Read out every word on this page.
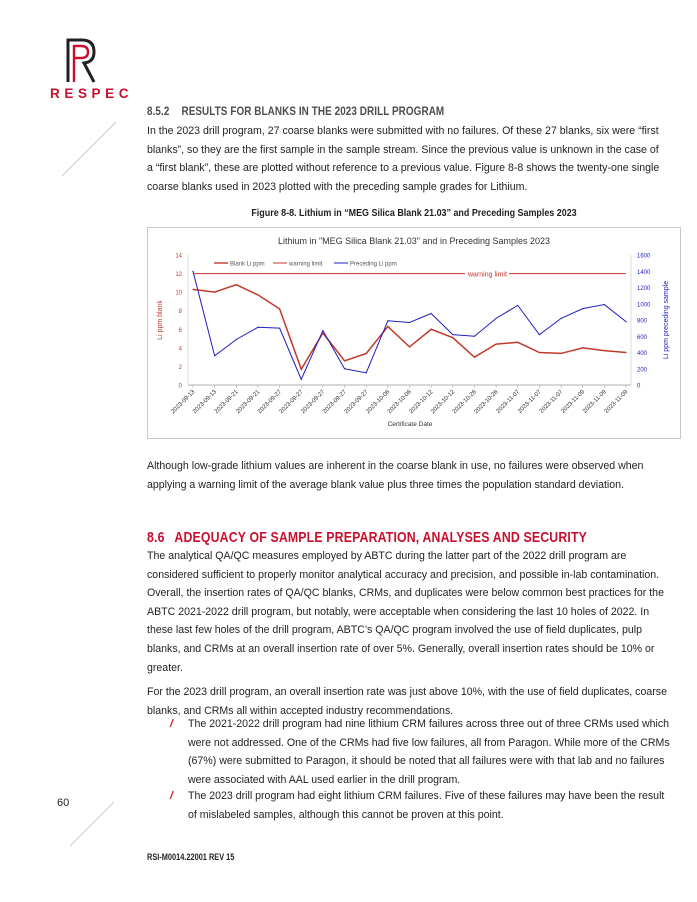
RESPEC
8.5.2 RESULTS FOR BLANKS IN THE 2023 DRILL PROGRAM

In the 2023 drill program, 27 coarse blanks were submitted with no failures. Of these 27 blanks, six were “first blanks”, so they are the first sample in the sample stream. Since the previous value is unknown in the case of a “first blank”, these are plotted without reference to a previous value. Figure 8-8 shows the twenty-one single coarse blanks used in 2023 plotted with the preceding sample grades for Lithium.

Figure 8-8. Lithium in “MEG Silica Blank 21.03” and Preceding Samples 2023
Lithium in "MEG Silica Blank 21.03" and in Preceding Samples 2023
Li ppm blank	Li ppm preceding sample
Certificate Date
0
2
4
6
8
10
12
14
0
200
400
600
800
1000
1200
1400
1600
2023-09-13
2023-09-13
2023-09-21
2023-09-21
2023-09-27
2023-09-27
2023-09-27
2023-09-27
2023-09-27
2023-10-06
2023-10-06
2023-10-12
2023-10-12
2023-10-26
2023-10-26
2023-11-07
2023-11-07
2023-11-07
2023-11-09
2023-11-09
2023-11-09
Blank Li ppm	warning limit	Preceding Li ppm
warning limit

Although low-grade lithium values are inherent in the coarse blank in use, no failures were observed when applying a warning limit of the average blank value plus three times the population standard deviation.

8.6 ADEQUACY OF SAMPLE PREPARATION, ANALYSES AND SECURITY

The analytical QA/QC measures employed by ABTC during the latter part of the 2022 drill program are considered sufficient to properly monitor analytical accuracy and precision, and possible in-lab contamination. Overall, the insertion rates of QA/QC blanks, CRMs, and duplicates were below common best practices for the ABTC 2021-2022 drill program, but notably, were acceptable when considering the last 10 holes of 2022. In these last few holes of the drill program, ABTC’s QA/QC program involved the use of field duplicates, pulp blanks, and CRMs at an overall insertion rate of over 5%. Generally, overall insertion rates should be 10% or greater.

For the 2023 drill program, an overall insertion rate was just above 10%, with the use of field duplicates, coarse blanks, and CRMs all within accepted industry recommendations.

/ The 2021-2022 drill program had nine lithium CRM failures across three out of three CRMs used which were not addressed. One of the CRMs had five low failures, all from Paragon. While more of the CRMs (67%) were submitted to Paragon, it should be noted that all failures were with that lab and no failures were associated with AAL used earlier in the drill program.
/ The 2023 drill program had eight lithium CRM failures. Five of these failures may have been the result of mislabeled samples, although this cannot be proven at this point.
60
RSI-M0014.22001 REV 15
